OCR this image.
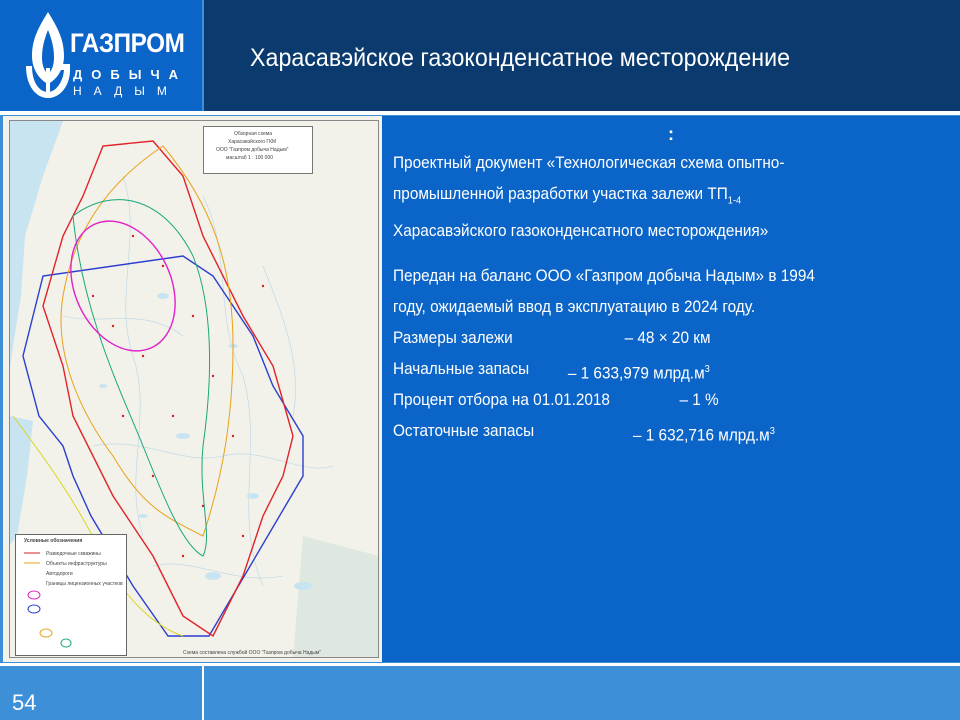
ГАЗПРОМ
ДОБЫЧА
НАДЫМ
Харасавэйское газоконденсатное месторождение
Обзорная схема
Харасавэйского ГКМ
ООО "Газпром добыча Надым"
масштаб 1 : 100 000
Условные обозначения
Разведочные скважины
Объекты инфраструктуры
Автодороги
Границы лицензионных участков
Схема составлена службой ООО "Газпром добыча Надым"
:
Проектный документ «Технологическая схема опытно-
промышленной разработки участка залежи $ТП_{1-4}$
Харасавэйского газоконденсатного месторождения»
Передан на баланс ООО «Газпром добыча Надым» в 1994
году, ожидаемый ввод в эксплуатацию в 2024 году.
Размеры залежи	– 48 × 20 км
Начальные запасы – 1 633,979 $млрд.м^3$
Процент отбора на 01.01.2018	– 1 %
Остаточные запасы	– 1 632,716 $млрд.м^3$
54
